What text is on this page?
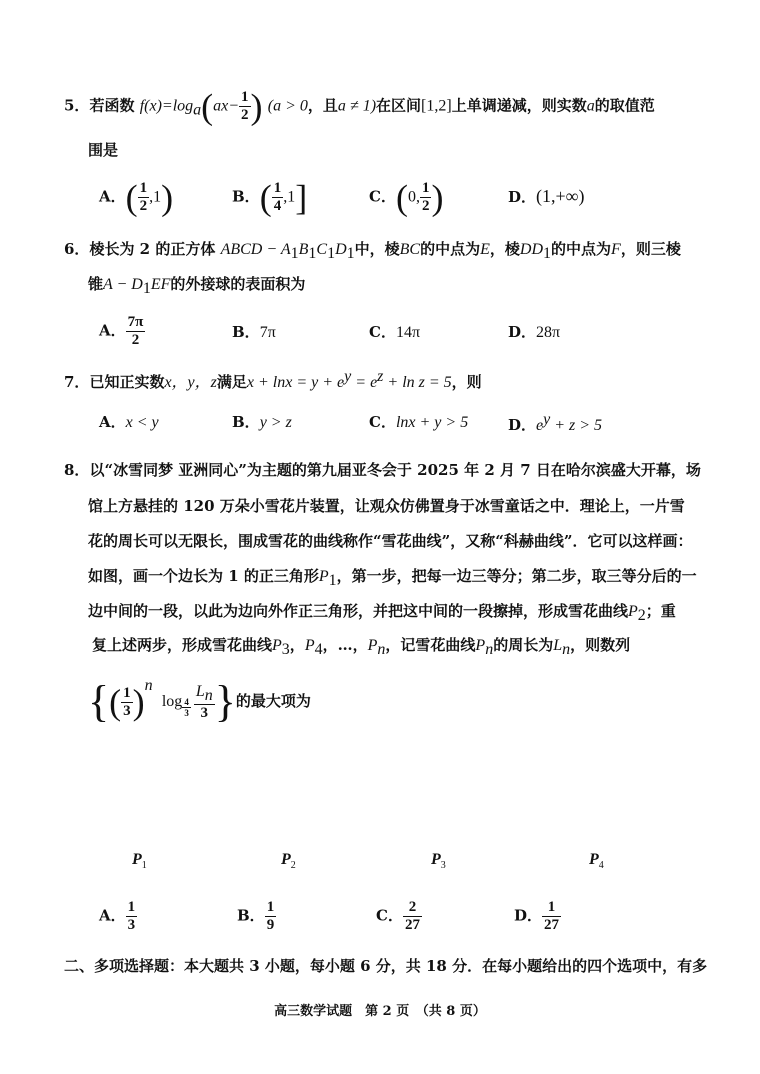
5．若函数 $f(x)=\log_a(ax- \frac{1}{2}$ ) (a > 0，且a ≠ 1)在区间[1,2]上单调递减，则实数a的取值范
围是
A．( $\frac{1}{2} ,1$)	B．( $\frac{1}{4} ,1$]	C．(0, $\frac{1}{2}$ )	D．(1,+∞)
6．棱长为 2 的正方体 ABCD − $A_1B_1C_1D_1$中，棱BC的中点为E，棱$DD_1$的中点为F，则三棱
锥$A - D_1EF$的外接球的表面积为
A． $\frac{7\pi}{2}$	B．7π	C．14π	D．28π
7．已知正实数x，y，z满足$x + \ln x = y + e^y = e^z + \ln z = 5$，则
A．x < y	B．y > z	C．lnx + y > 5	D．$e^y + z > 5$
8．以“冰雪同梦 亚洲同心”为主题的第九届亚冬会于 2025 年 2 月 7 日在哈尔滨盛大开幕，场
馆上方悬挂的 120 万朵小雪花片装置，让观众仿佛置身于冰雪童话之中．理论上，一片雪
花的周长可以无限长，围成雪花的曲线称作“雪花曲线”，又称“科赫曲线”．它可以这样画：
如图，画一个边长为 1 的正三角形$P_1$，第一步，把每一边三等分；第二步，取三等分后的一
边中间的一段，以此为边向外作正三角形，并把这中间的一段擦掉，形成雪花曲线$P_2$；重
复上述两步，形成雪花曲线$P_3$，$P_4$，…，$P_n$，记雪花曲线$P_n$的周长为$L_n$，则数列
{( $\frac{1}{3} )^n$ $\log \frac{4}{3} \frac{L_n}{3}$ }的最大项为
$P_1$	$P_2$	$P_3$	$P_4$
A． $\frac{1}{3}$	B． $\frac{1}{9}$	C． $\frac{2}{27}$	D． $\frac{1}{27}$
二、多项选择题：本大题共 3 小题，每小题 6 分，共 18 分．在每小题给出的四个选项中，有多
高三数学试题　第 2 页　（共 8 页）
